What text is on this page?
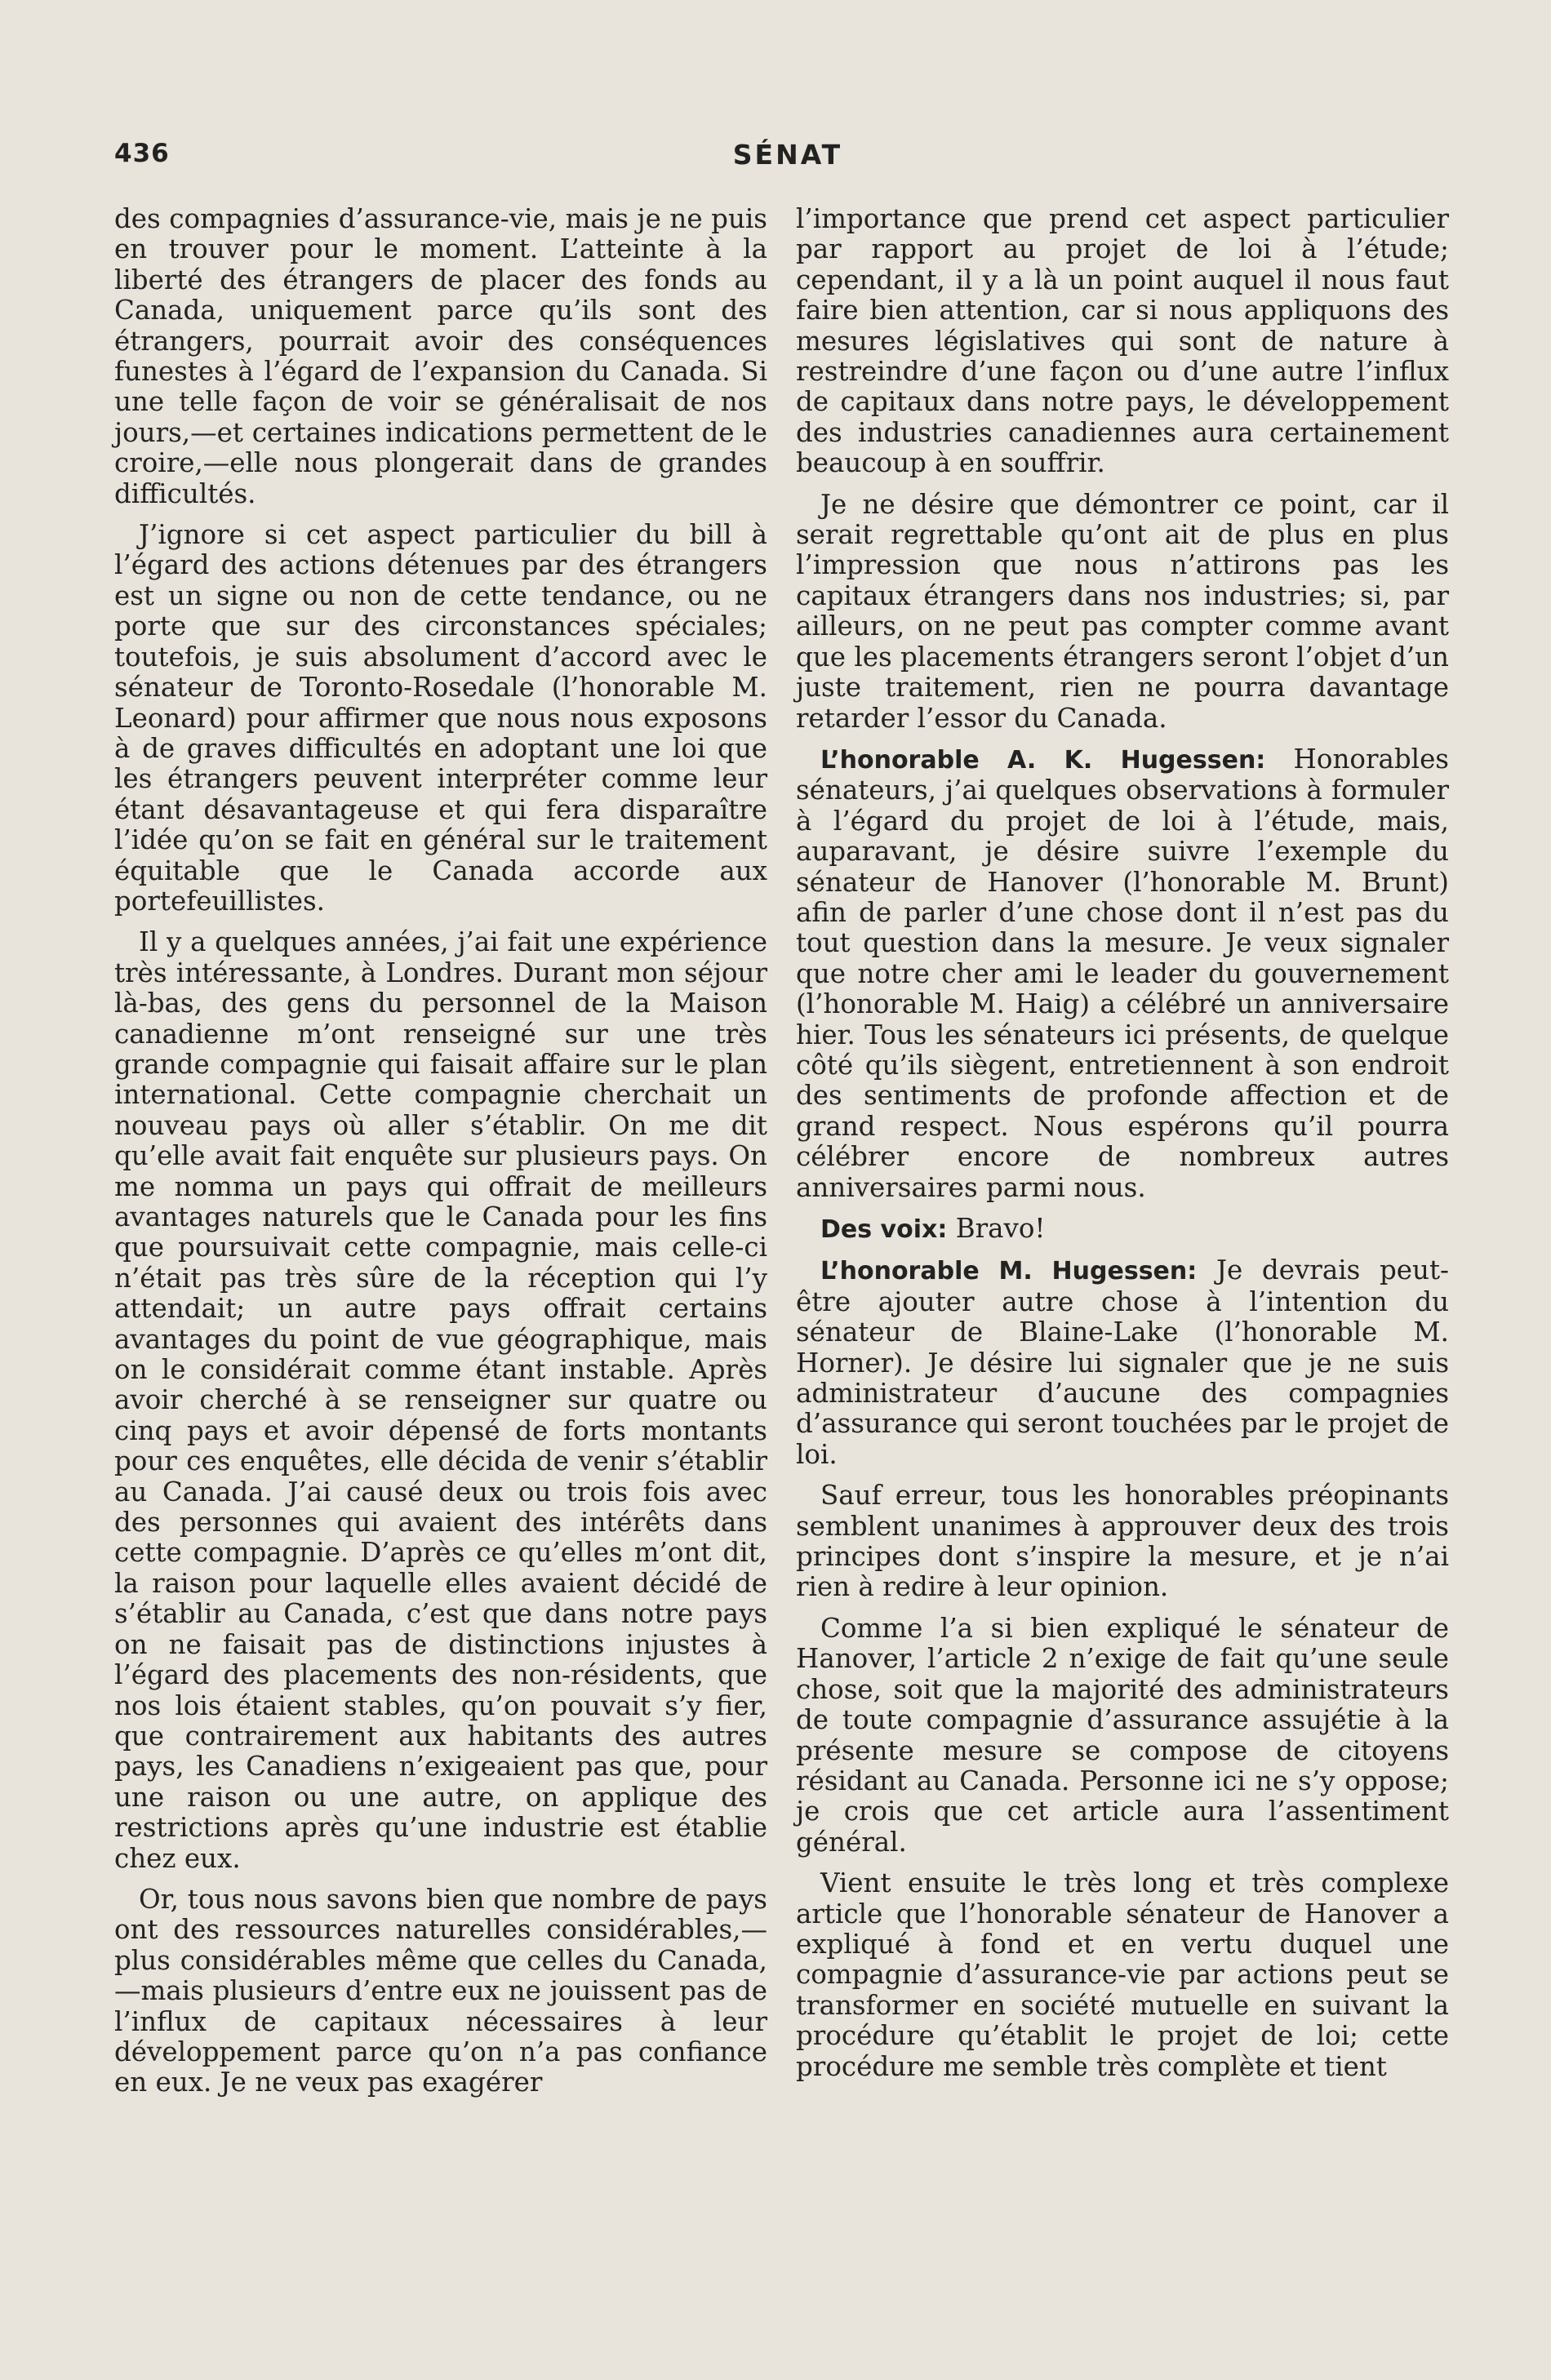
436	SÉNAT

des compagnies d’assurance-vie, mais je ne puis en trouver pour le moment. L’atteinte à la liberté des étrangers de placer des fonds au Canada, uniquement parce qu’ils sont des étrangers, pourrait avoir des conséquences funestes à l’égard de l’expansion du Canada. Si une telle façon de voir se généralisait de nos jours,—et certaines indications permettent de le croire,—elle nous plongerait dans de grandes difficultés.

J’ignore si cet aspect particulier du bill à l’égard des actions détenues par des étrangers est un signe ou non de cette tendance, ou ne porte que sur des circonstances spéciales; toutefois, je suis absolument d’accord avec le sénateur de Toronto-Rosedale (l’honorable M. Leonard) pour affirmer que nous nous exposons à de graves difficultés en adoptant une loi que les étrangers peuvent interpréter comme leur étant désavantageuse et qui fera disparaître l’idée qu’on se fait en général sur le traitement équitable que le Canada accorde aux portefeuillistes.

Il y a quelques années, j’ai fait une expérience très intéressante, à Londres. Durant mon séjour là-bas, des gens du personnel de la Maison canadienne m’ont renseigné sur une très grande compagnie qui faisait affaire sur le plan international. Cette compagnie cherchait un nouveau pays où aller s’établir. On me dit qu’elle avait fait enquête sur plusieurs pays. On me nomma un pays qui offrait de meilleurs avantages naturels que le Canada pour les fins que poursuivait cette compagnie, mais celle-ci n’était pas très sûre de la réception qui l’y attendait; un autre pays offrait certains avantages du point de vue géographique, mais on le considérait comme étant instable. Après avoir cherché à se renseigner sur quatre ou cinq pays et avoir dépensé de forts montants pour ces enquêtes, elle décida de venir s’établir au Canada. J’ai causé deux ou trois fois avec des personnes qui avaient des intérêts dans cette compagnie. D’après ce qu’elles m’ont dit, la raison pour laquelle elles avaient décidé de s’établir au Canada, c’est que dans notre pays on ne faisait pas de distinctions injustes à l’égard des placements des non-résidents, que nos lois étaient stables, qu’on pouvait s’y fier, que contrairement aux habitants des autres pays, les Canadiens n’exigeaient pas que, pour une raison ou une autre, on applique des restrictions après qu’une industrie est établie chez eux.

Or, tous nous savons bien que nombre de pays ont des ressources naturelles considérables,—plus considérables même que celles du Canada,—mais plusieurs d’entre eux ne jouissent pas de l’influx de capitaux nécessaires à leur développement parce qu’on n’a pas confiance en eux. Je ne veux pas exagérer

l’importance que prend cet aspect particulier par rapport au projet de loi à l’étude; cependant, il y a là un point auquel il nous faut faire bien attention, car si nous appliquons des mesures législatives qui sont de nature à restreindre d’une façon ou d’une autre l’influx de capitaux dans notre pays, le développement des industries canadiennes aura certainement beaucoup à en souffrir.

Je ne désire que démontrer ce point, car il serait regrettable qu’ont ait de plus en plus l’impression que nous n’attirons pas les capitaux étrangers dans nos industries; si, par ailleurs, on ne peut pas compter comme avant que les placements étrangers seront l’objet d’un juste traitement, rien ne pourra davantage retarder l’essor du Canada.

L’honorable A. K. Hugessen: Honorables sénateurs, j’ai quelques observations à formuler à l’égard du projet de loi à l’étude, mais, auparavant, je désire suivre l’exemple du sénateur de Hanover (l’honorable M. Brunt) afin de parler d’une chose dont il n’est pas du tout question dans la mesure. Je veux signaler que notre cher ami le leader du gouvernement (l’honorable M. Haig) a célébré un anniversaire hier. Tous les sénateurs ici présents, de quelque côté qu’ils siègent, entretiennent à son endroit des sentiments de profonde affection et de grand respect. Nous espérons qu’il pourra célébrer encore de nombreux autres anniversaires parmi nous.

Des voix: Bravo!

L’honorable M. Hugessen: Je devrais peut-être ajouter autre chose à l’intention du sénateur de Blaine-Lake (l’honorable M. Horner). Je désire lui signaler que je ne suis administrateur d’aucune des compagnies d’assurance qui seront touchées par le projet de loi.

Sauf erreur, tous les honorables préopinants semblent unanimes à approuver deux des trois principes dont s’inspire la mesure, et je n’ai rien à redire à leur opinion.

Comme l’a si bien expliqué le sénateur de Hanover, l’article 2 n’exige de fait qu’une seule chose, soit que la majorité des administrateurs de toute compagnie d’assurance assujétie à la présente mesure se compose de citoyens résidant au Canada. Personne ici ne s’y oppose; je crois que cet article aura l’assentiment général.

Vient ensuite le très long et très complexe article que l’honorable sénateur de Hanover a expliqué à fond et en vertu duquel une compagnie d’assurance-vie par actions peut se transformer en société mutuelle en suivant la procédure qu’établit le projet de loi; cette procédure me semble très complète et tient
